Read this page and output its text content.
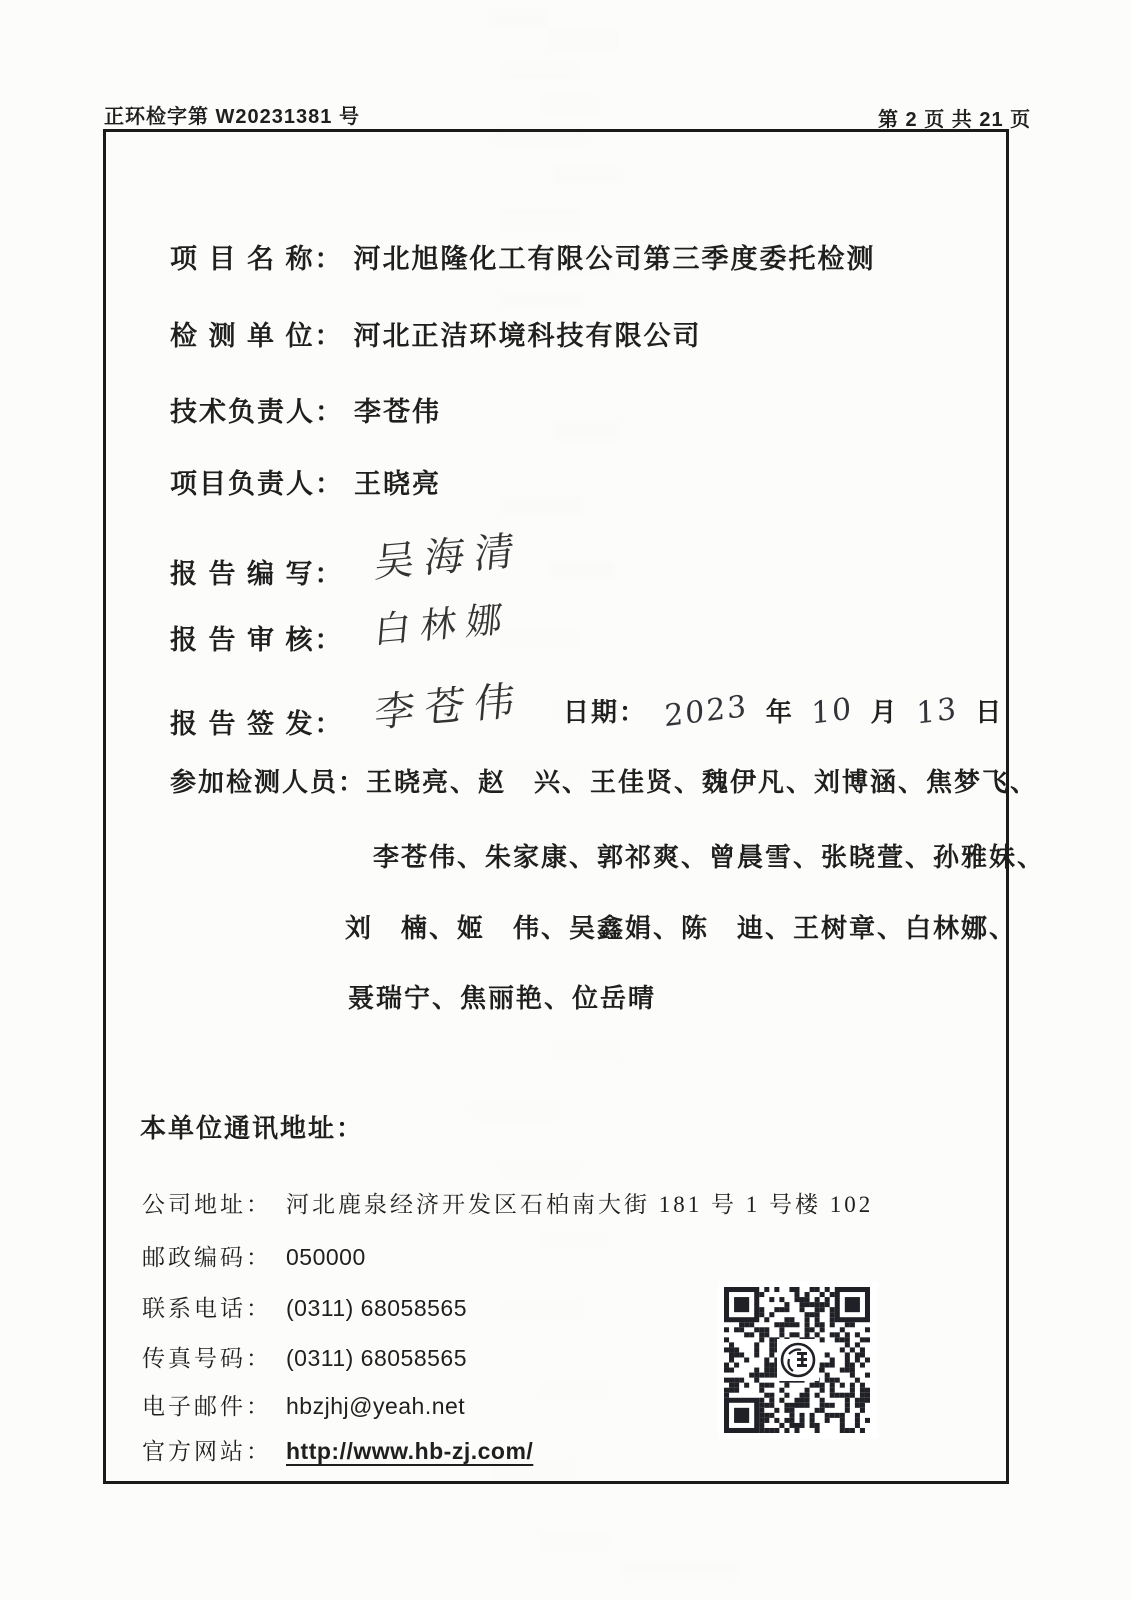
正环检字第 W20231381 号	第 2 页 共 21 页
项 目 名 称： 河北旭隆化工有限公司第三季度委托检测
检 测 单 位： 河北正洁环境科技有限公司
技术负责人： 李苍伟
项目负责人： 王晓亮
报 告 编 写： 吴海清
报 告 审 核： 白林娜
报 告 签 发： 李苍伟 日期： 2023 年 10 月 13 日
参加检测人员：王晓亮、赵　兴、王佳贤、魏伊凡、刘博涵、焦梦飞、
李苍伟、朱家康、郭祁爽、曾晨雪、张晓萱、孙雅妹、
刘　楠、姬　伟、吴鑫娟、陈　迪、王树章、白林娜、
聂瑞宁、焦丽艳、位岳晴
本单位通讯地址：
公司地址： 河北鹿泉经济开发区石柏南大街 181 号 1 号楼 102
邮政编码： 050000
联系电话： (0311) 68058565
传真号码： (0311) 68058565
电子邮件： hbzjhj@yeah.net
官方网站： http://www.hb-zj.com/
